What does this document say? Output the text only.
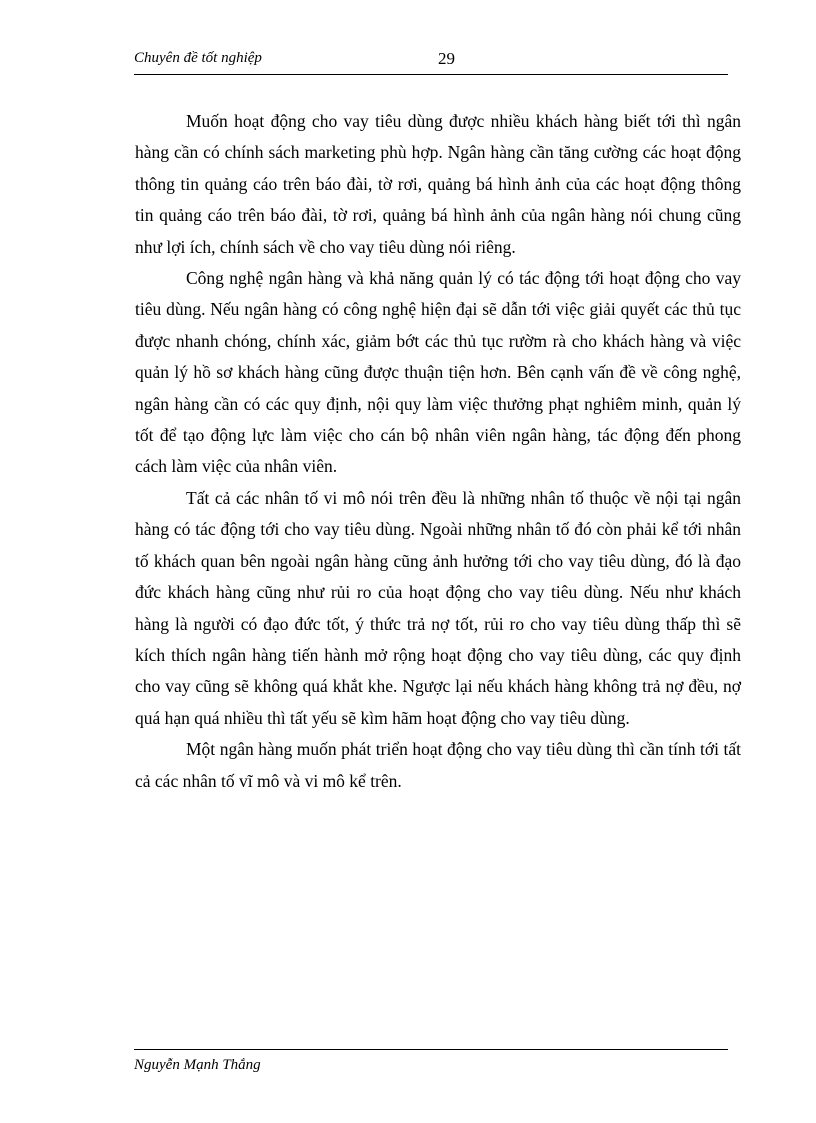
Chuyên đề tốt nghiệp	29

Muốn hoạt động cho vay tiêu dùng được nhiều khách hàng biết tới thì ngân hàng cần có chính sách marketing phù hợp. Ngân hàng cần tăng cường các hoạt động thông tin quảng cáo trên báo đài, tờ rơi, quảng bá hình ảnh của các hoạt động thông tin quảng cáo trên báo đài, tờ rơi, quảng bá hình ảnh của ngân hàng nói chung cũng như lợi ích, chính sách về cho vay tiêu dùng nói riêng.

Công nghệ ngân hàng và khả năng quản lý có tác động tới hoạt động cho vay tiêu dùng. Nếu ngân hàng có công nghệ hiện đại sẽ dẫn tới việc giải quyết các thủ tục được nhanh chóng, chính xác, giảm bớt các thủ tục rườm rà cho khách hàng và việc quản lý hồ sơ khách hàng cũng được thuận tiện hơn. Bên cạnh vấn đề về công nghệ, ngân hàng cần có các quy định, nội quy làm việc thưởng phạt nghiêm minh, quản lý tốt để tạo động lực làm việc cho cán bộ nhân viên ngân hàng, tác động đến phong cách làm việc của nhân viên.

Tất cả các nhân tố vi mô nói trên đều là những nhân tố thuộc về nội tại ngân hàng có tác động tới cho vay tiêu dùng. Ngoài những nhân tố đó còn phải kể tới nhân tố khách quan bên ngoài ngân hàng cũng ảnh hưởng tới cho vay tiêu dùng, đó là đạo đức khách hàng cũng như rủi ro của hoạt động cho vay tiêu dùng. Nếu như khách hàng là người có đạo đức tốt, ý thức trả nợ tốt, rủi ro cho vay tiêu dùng thấp thì sẽ kích thích ngân hàng tiến hành mở rộng hoạt động cho vay tiêu dùng, các quy định cho vay cũng sẽ không quá khắt khe. Ngược lại nếu khách hàng không trả nợ đều, nợ quá hạn quá nhiều thì tất yếu sẽ kìm hãm hoạt động cho vay tiêu dùng.

Một ngân hàng muốn phát triển hoạt động cho vay tiêu dùng thì cần tính tới tất cả các nhân tố vĩ mô và vi mô kể trên.

Nguyễn Mạnh Thắng
